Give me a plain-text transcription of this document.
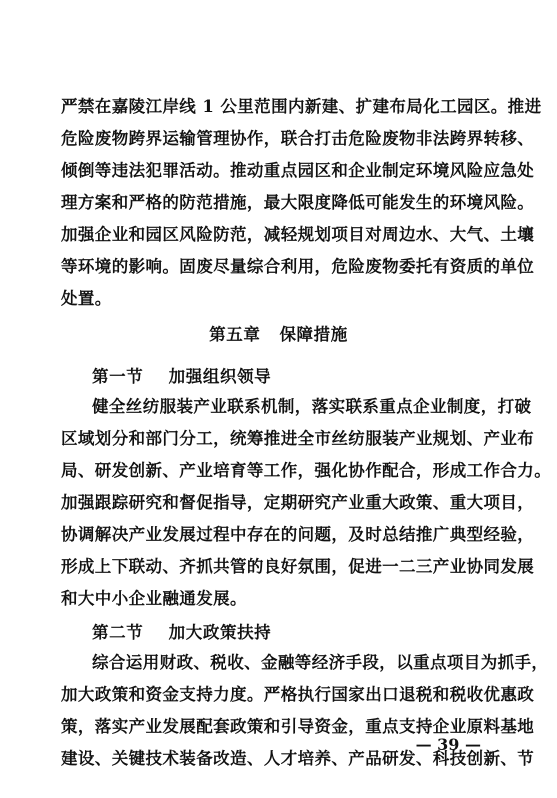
严禁在嘉陵江岸线 1 公里范围内新建、扩建布局化工园区。推进
危险废物跨界运输管理协作，联合打击危险废物非法跨界转移、
倾倒等违法犯罪活动。推动重点园区和企业制定环境风险应急处
理方案和严格的防范措施，最大限度降低可能发生的环境风险。
加强企业和园区风险防范，减轻规划项目对周边水、大气、土壤
等环境的影响。固废尽量综合利用，危险废物委托有资质的单位
处置。
第五章   保障措施
第一节    加强组织领导
健全丝纺服装产业联系机制，落实联系重点企业制度，打破
区域划分和部门分工，统筹推进全市丝纺服装产业规划、产业布
局、研发创新、产业培育等工作，强化协作配合，形成工作合力。
加强跟踪研究和督促指导，定期研究产业重大政策、重大项目，
协调解决产业发展过程中存在的问题，及时总结推广典型经验，
形成上下联动、齐抓共管的良好氛围，促进一二三产业协同发展
和大中小企业融通发展。
第二节    加大政策扶持
综合运用财政、税收、金融等经济手段，以重点项目为抓手，
加大政策和资金支持力度。严格执行国家出口退税和税收优惠政
策，落实产业发展配套政策和引导资金，重点支持企业原料基地
建设、关键技术装备改造、人才培养、产品研发、科技创新、节
— 39 —
